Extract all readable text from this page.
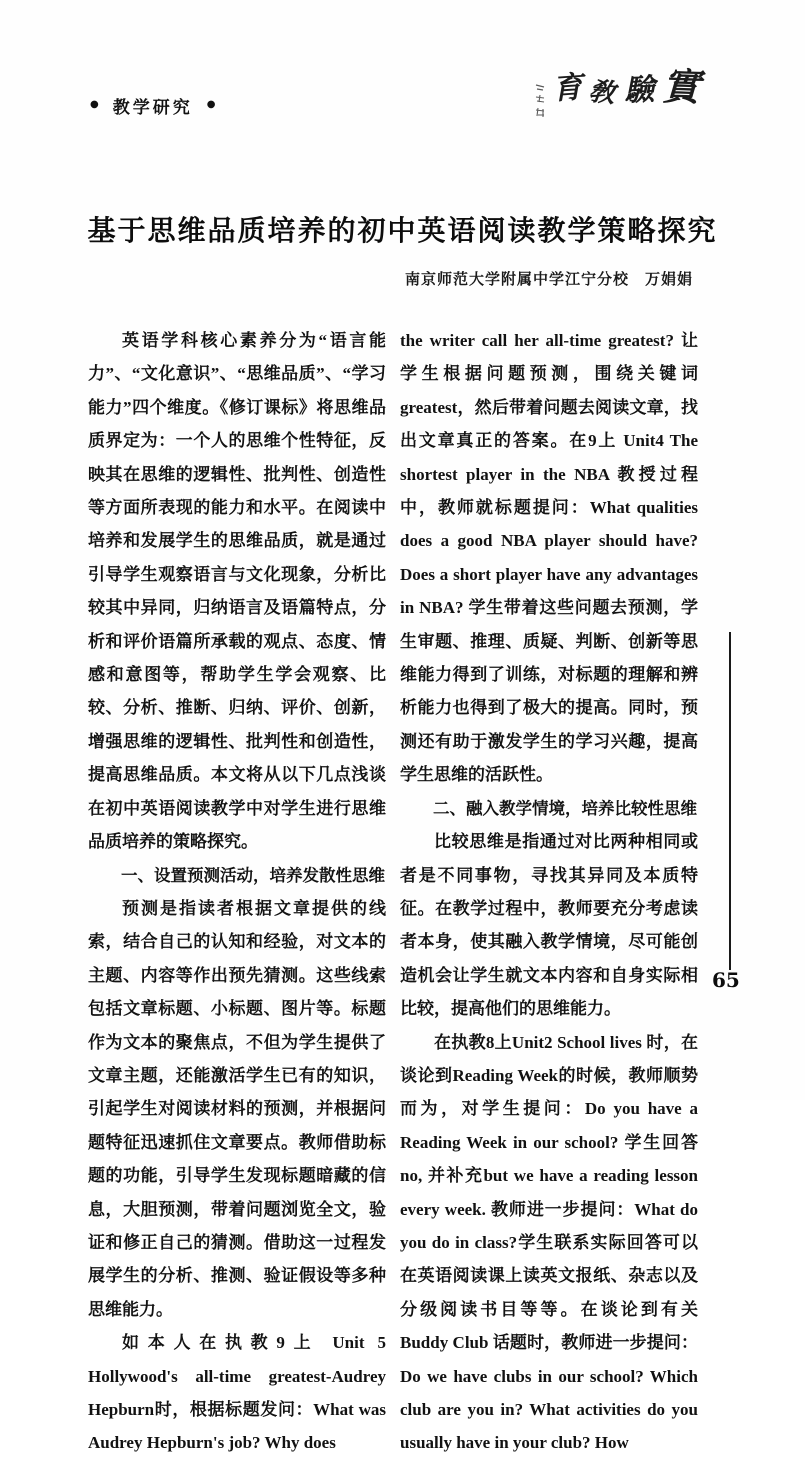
● 教学研究 ●	育 敎 驗 實
基于思维品质培养的初中英语阅读教学策略探究
南京师范大学附属中学江宁分校　万娟娟

英语学科核心素养分为“语言能力”、“文化意识”、“思维品质”、“学习能力”四个维度。《修订课标》将思维品质界定为：一个人的思维个性特征，反映其在思维的逻辑性、批判性、创造性等方面所表现的能力和水平。在阅读中培养和发展学生的思维品质，就是通过引导学生观察语言与文化现象，分析比较其中异同，归纳语言及语篇特点，分析和评价语篇所承载的观点、态度、情感和意图等，帮助学生学会观察、比较、分析、推断、归纳、评价、创新，增强思维的逻辑性、批判性和创造性，提高思维品质。本文将从以下几点浅谈在初中英语阅读教学中对学生进行思维品质培养的策略探究。

一、设置预测活动，培养发散性思维

预测是指读者根据文章提供的线索，结合自己的认知和经验，对文本的主题、内容等作出预先猜测。这些线索包括文章标题、小标题、图片等。标题作为文本的聚焦点，不但为学生提供了文章主题，还能激活学生已有的知识，引起学生对阅读材料的预测，并根据问题特征迅速抓住文章要点。教师借助标题的功能，引导学生发现标题暗藏的信息，大胆预测，带着问题浏览全文，验证和修正自己的猜测。借助这一过程发展学生的分析、推测、验证假设等多种思维能力。

如本人在执教9上 Unit 5 Hollywood's all-time greatest-Audrey Hepburn时，根据标题发问：What was Audrey Hepburn's job? Why does

the writer call her all-time greatest? 让学生根据问题预测，围绕关键词greatest，然后带着问题去阅读文章，找出文章真正的答案。在9上 Unit4 The shortest player in the NBA 教授过程中，教师就标题提问：What qualities does a good NBA player should have? Does a short player have any advantages in NBA? 学生带着这些问题去预测，学生审题、推理、质疑、判断、创新等思维能力得到了训练，对标题的理解和辨析能力也得到了极大的提高。同时，预测还有助于激发学生的学习兴趣，提高学生思维的活跃性。

二、融入教学情境，培养比较性思维

比较思维是指通过对比两种相同或者是不同事物，寻找其异同及本质特征。在教学过程中，教师要充分考虑读者本身，使其融入教学情境，尽可能创造机会让学生就文本内容和自身实际相比较，提高他们的思维能力。

在执教8上Unit2 School lives 时，在谈论到Reading Week的时候，教师顺势而为，对学生提问：Do you have a Reading Week in our school? 学生回答no, 并补充but we have a reading lesson every week. 教师进一步提问：What do you do in class?学生联系实际回答可以在英语阅读课上读英文报纸、杂志以及分级阅读书目等等。在谈论到有关Buddy Club 话题时，教师进一步提问：Do we have clubs in our school? Which club are you in? What activities do you usually have in your club? How

65
